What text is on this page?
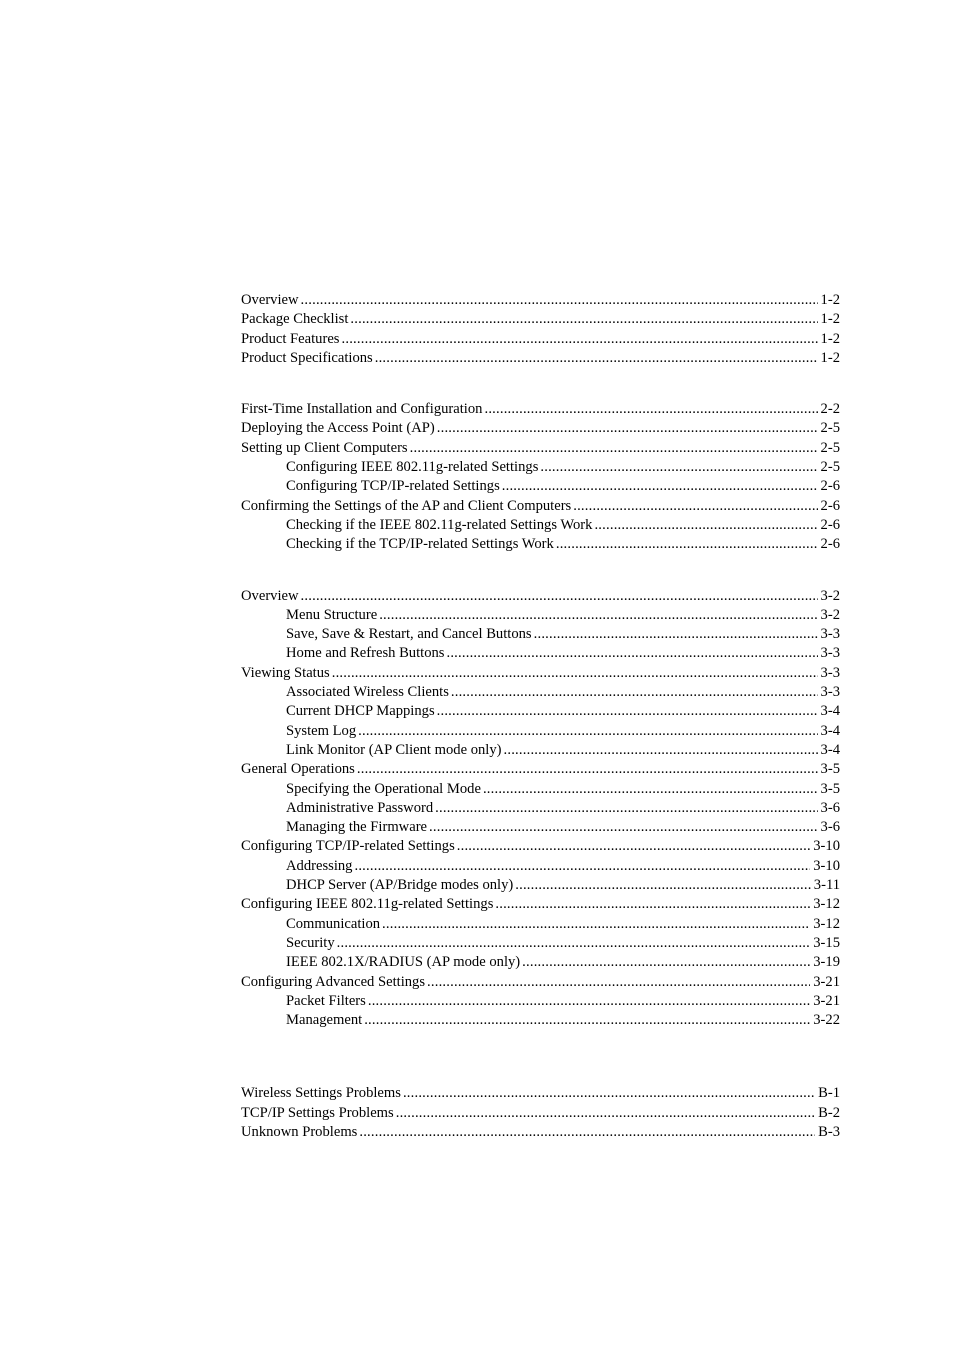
Overview .....	1-2
Package Checklist .....	1-2
Product Features .....	1-2
Product Specifications .....	1-2
First-Time Installation and Configuration .....	2-2
Deploying the Access Point (AP) .....	2-5
Setting up Client Computers .....	2-5
Configuring IEEE 802.11g-related Settings .....	2-5
Configuring TCP/IP-related Settings .....	2-6
Confirming the Settings of the AP and Client Computers .....	2-6
Checking if the IEEE 802.11g-related Settings Work .....	2-6
Checking if the TCP/IP-related Settings Work .....	2-6
Overview .....	3-2
Menu Structure .....	3-2
Save, Save & Restart, and Cancel Buttons .....	3-3
Home and Refresh Buttons .....	3-3
Viewing Status .....	3-3
Associated Wireless Clients .....	3-3
Current DHCP Mappings .....	3-4
System Log .....	3-4
Link Monitor (AP Client mode only) .....	3-4
General Operations .....	3-5
Specifying the Operational Mode .....	3-5
Administrative Password .....	3-6
Managing the Firmware .....	3-6
Configuring TCP/IP-related Settings .....	3-10
Addressing .....	3-10
DHCP Server (AP/Bridge modes only) .....	3-11
Configuring IEEE 802.11g-related Settings .....	3-12
Communication .....	3-12
Security .....	3-15
IEEE 802.1X/RADIUS (AP mode only) .....	3-19
Configuring Advanced Settings .....	3-21
Packet Filters .....	3-21
Management .....	3-22
Wireless Settings Problems .....	B-1
TCP/IP Settings Problems .....	B-2
Unknown Problems .....	B-3
